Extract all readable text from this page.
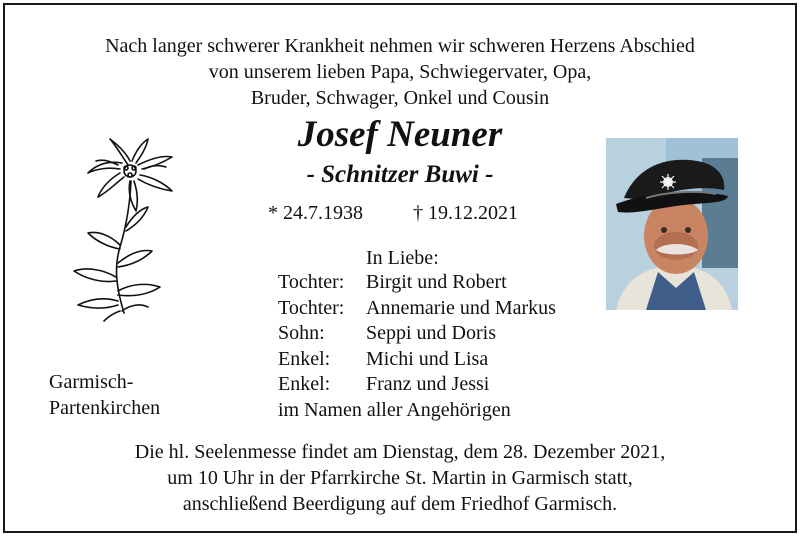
Nach langer schwerer Krankheit nehmen wir schweren Herzens Abschied
von unserem lieben Papa, Schwiegervater, Opa,
Bruder, Schwager, Onkel und Cousin
Josef Neuner
- Schnitzer Buwi -
* 24.7.1938	† 19.12.2021
In Liebe:
Tochter:	Birgit und Robert
Tochter:	Annemarie und Markus
Sohn:	Seppi und Doris
Enkel:	Michi und Lisa
Enkel:	Franz und Jessi
im Namen aller Angehörigen
Garmisch-
Partenkirchen
Die hl. Seelenmesse findet am Dienstag, dem 28. Dezember 2021,
um 10 Uhr in der Pfarrkirche St. Martin in Garmisch statt,
anschließend Beerdigung auf dem Friedhof Garmisch.
